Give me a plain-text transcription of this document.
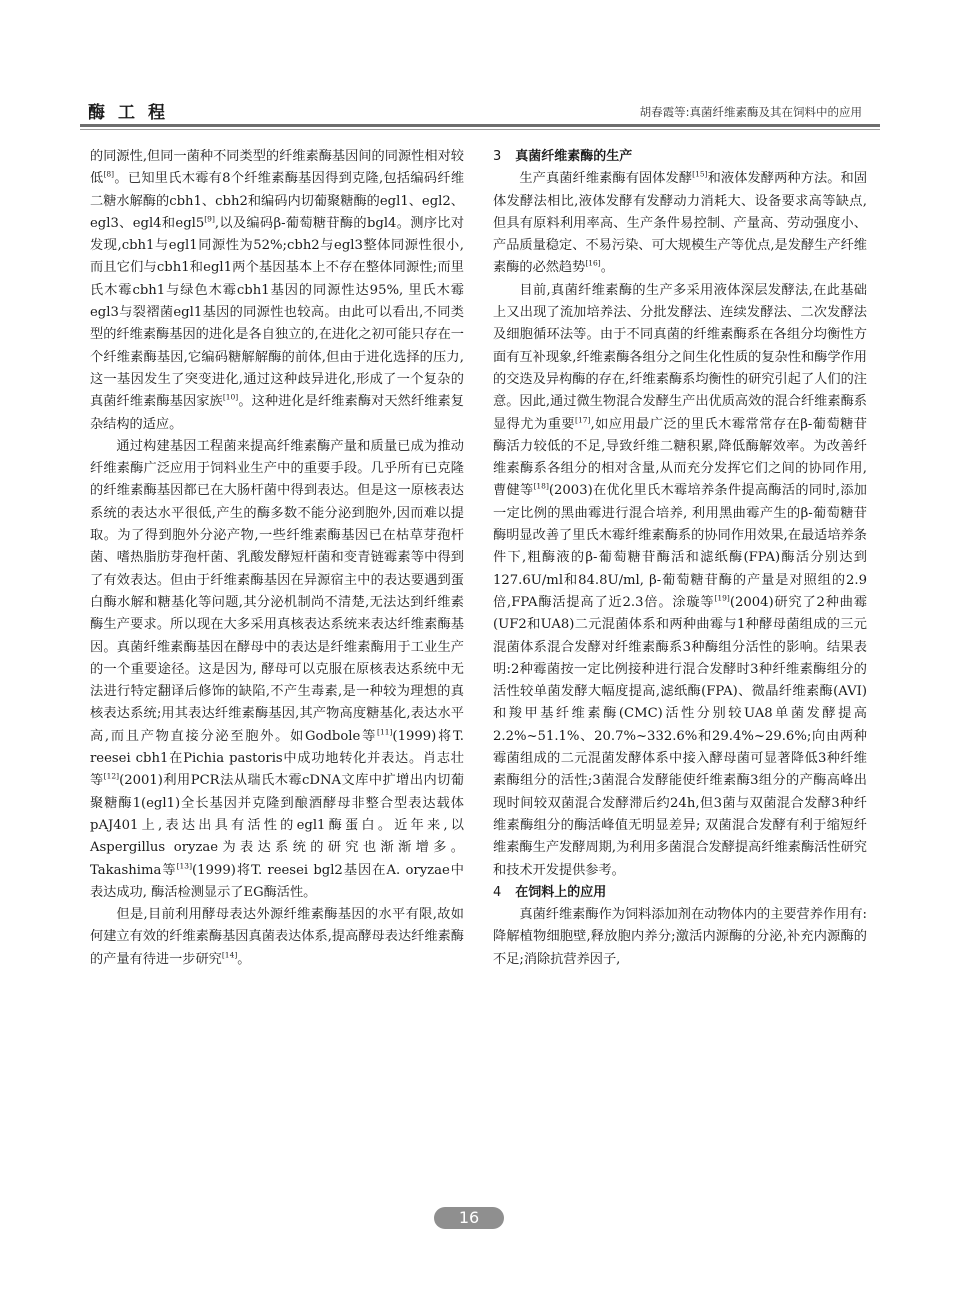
酶工程	胡春霞等:真菌纤维素酶及其在饲料中的应用

的同源性,但同一菌种不同类型的纤维素酶基因间的同源性相对较低[8]。已知里氏木霉有8个纤维素酶基因得到克隆,包括编码纤维二糖水解酶的cbh1、cbh2和编码内切葡聚糖酶的egl1、egl2、egl3、egl4和egl5[9],以及编码β-葡萄糖苷酶的bgl4。测序比对发现,cbh1与egl1同源性为52%;cbh2与egl3整体同源性很小,而且它们与cbh1和egl1两个基因基本上不存在整体同源性;而里氏木霉cbh1与绿色木霉cbh1基因的同源性达95%, 里氏木霉egl3与裂褶菌egl1基因的同源性也较高。由此可以看出,不同类型的纤维素酶基因的进化是各自独立的,在进化之初可能只存在一个纤维素酶基因,它编码糖解解酶的前体,但由于进化选择的压力,这一基因发生了突变进化,通过这种歧异进化,形成了一个复杂的真菌纤维素酶基因家族[10]。这种进化是纤维素酶对天然纤维素复杂结构的适应。

通过构建基因工程菌来提高纤维素酶产量和质量已成为推动纤维素酶广泛应用于饲料业生产中的重要手段。几乎所有已克隆的纤维素酶基因都已在大肠杆菌中得到表达。但是这一原核表达系统的表达水平很低,产生的酶多数不能分泌到胞外,因而难以提取。为了得到胞外分泌产物,一些纤维素酶基因已在枯草芽孢杆菌、嗜热脂肪芽孢杆菌、乳酸发酵短杆菌和变青链霉素等中得到了有效表达。但由于纤维素酶基因在异源宿主中的表达要遇到蛋白酶水解和糖基化等问题,其分泌机制尚不清楚,无法达到纤维素酶生产要求。所以现在大多采用真核表达系统来表达纤维素酶基因。真菌纤维素酶基因在酵母中的表达是纤维素酶用于工业生产的一个重要途径。这是因为, 酵母可以克服在原核表达系统中无法进行特定翻译后修饰的缺陷,不产生毒素,是一种较为理想的真核表达系统;用其表达纤维素酶基因,其产物高度糖基化,表达水平高,而且产物直接分泌至胞外。如Godbole等[11](1999)将T. reesei cbh1在Pichia pastoris中成功地转化并表达。肖志壮等[12](2001)利用PCR法从瑞氏木霉cDNA文库中扩增出内切葡聚糖酶1(egl1)全长基因并克隆到酿酒酵母非整合型表达载体pAJ401上,表达出具有活性的egl1酶蛋白。近年来,以Aspergillus oryzae为表达系统的研究也渐渐增多。Takashima等[13](1999)将T. reesei bgl2基因在A. oryzae中表达成功, 酶活检测显示了EG酶活性。

但是,目前利用酵母表达外源纤维素酶基因的水平有限,故如何建立有效的纤维素酶基因真菌表达体系,提高酵母表达纤维素酶的产量有待进一步研究[14]。

3 真菌纤维素酶的生产

生产真菌纤维素酶有固体发酵[15]和液体发酵两种方法。和固体发酵法相比,液体发酵有发酵动力消耗大、设备要求高等缺点,但具有原料利用率高、生产条件易控制、产量高、劳动强度小、产品质量稳定、不易污染、可大规模生产等优点,是发酵生产纤维素酶的必然趋势[16]。

目前,真菌纤维素酶的生产多采用液体深层发酵法,在此基础上又出现了流加培养法、分批发酵法、连续发酵法、二次发酵法及细胞循环法等。由于不同真菌的纤维素酶系在各组分均衡性方面有互补现象,纤维素酶各组分之间生化性质的复杂性和酶学作用的交迭及异构酶的存在,纤维素酶系均衡性的研究引起了人们的注意。因此,通过微生物混合发酵生产出优质高效的混合纤维素酶系显得尤为重要[17],如应用最广泛的里氏木霉常常存在β-葡萄糖苷酶活力较低的不足,导致纤维二糖积累,降低酶解效率。为改善纤维素酶系各组分的相对含量,从而充分发挥它们之间的协同作用,曹健等[18](2003)在优化里氏木霉培养条件提高酶活的同时,添加一定比例的黑曲霉进行混合培养, 利用黑曲霉产生的β-葡萄糖苷酶明显改善了里氏木霉纤维素酶系的协同作用效果,在最适培养条件下,粗酶液的β-葡萄糖苷酶活和滤纸酶(FPA)酶活分别达到127.6U/ml和84.8U/ml, β-葡萄糖苷酶的产量是对照组的2.9倍,FPA酶活提高了近2.3倍。涂璇等[19](2004)研究了2种曲霉(UF2和UA8)二元混菌体系和两种曲霉与1种酵母菌组成的三元混菌体系混合发酵对纤维素酶系3种酶组分活性的影响。结果表明:2种霉菌按一定比例接种进行混合发酵时3种纤维素酶组分的活性较单菌发酵大幅度提高,滤纸酶(FPA)、微晶纤维素酶(AVI)和羧甲基纤维素酶(CMC)活性分别较UA8单菌发酵提高2.2%~51.1%、20.7%~332.6%和29.4%~29.6%;向由两种霉菌组成的二元混菌发酵体系中接入酵母菌可显著降低3种纤维素酶组分的活性;3菌混合发酵能使纤维素酶3组分的产酶高峰出现时间较双菌混合发酵滞后约24h,但3菌与双菌混合发酵3种纤维素酶组分的酶活峰值无明显差异; 双菌混合发酵有利于缩短纤维素酶生产发酵周期,为利用多菌混合发酵提高纤维素酶活性研究和技术开发提供参考。

4 在饲料上的应用

真菌纤维素酶作为饲料添加剂在动物体内的主要营养作用有:降解植物细胞壁,释放胞内养分;激活内源酶的分泌,补充内源酶的不足;消除抗营养因子,

16
